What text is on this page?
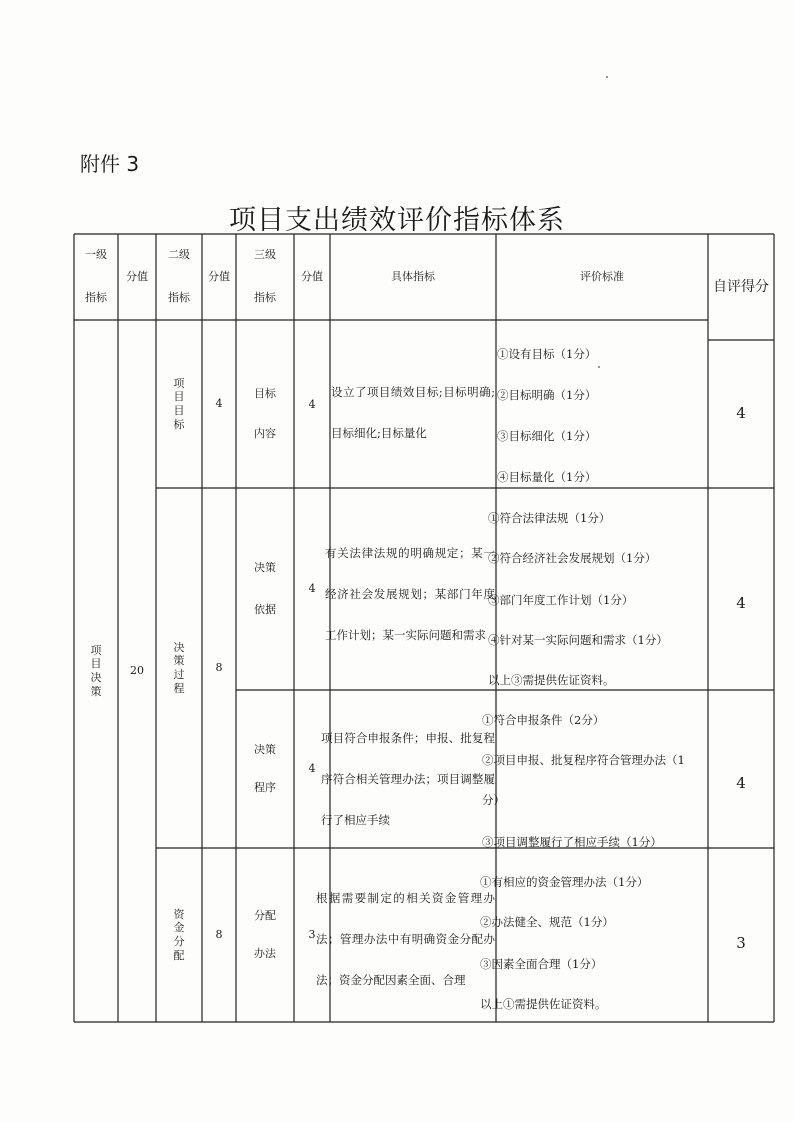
附件 3
项目支出绩效评价指标体系
一级
指标
分值
二级
指标
分值
三级
指标
分值	具体指标	评价标准
自评得分
项
目
决
策
20
项
目
目
标
4
决
策
过
程
8
资
金
分
配
8
目标
内容
4
设立了项目绩效目标;目标明确;目标细化;目标量化
①设有目标（1分）
②目标明确（1分）
③目标细化（1分）
④目标量化（1分）
4
决策
依据
4
有关法律法规的明确规定；某一经济社会发展规划；某部门年度工作计划；某一实际问题和需求
①符合法律法规（1分）
②符合经济社会发展规划（1分）
③部门年度工作计划（1分）
④针对某一实际问题和需求（1分）
以上③需提供佐证资料。
4
决策
程序
4
项目符合申报条件；申报、批复程序符合相关管理办法；项目调整履行了相应手续
①符合申报条件（2分）
②项目申报、批复程序符合管理办法（1
分）
③项目调整履行了相应手续（1分）
4
分配
办法
3
根据需要制定的相关资金管理办法；管理办法中有明确资金分配办法；资金分配因素全面、合理
①有相应的资金管理办法（1分）
②办法健全、规范（1分）
③因素全面合理（1分）
以上①需提供佐证资料。
3
